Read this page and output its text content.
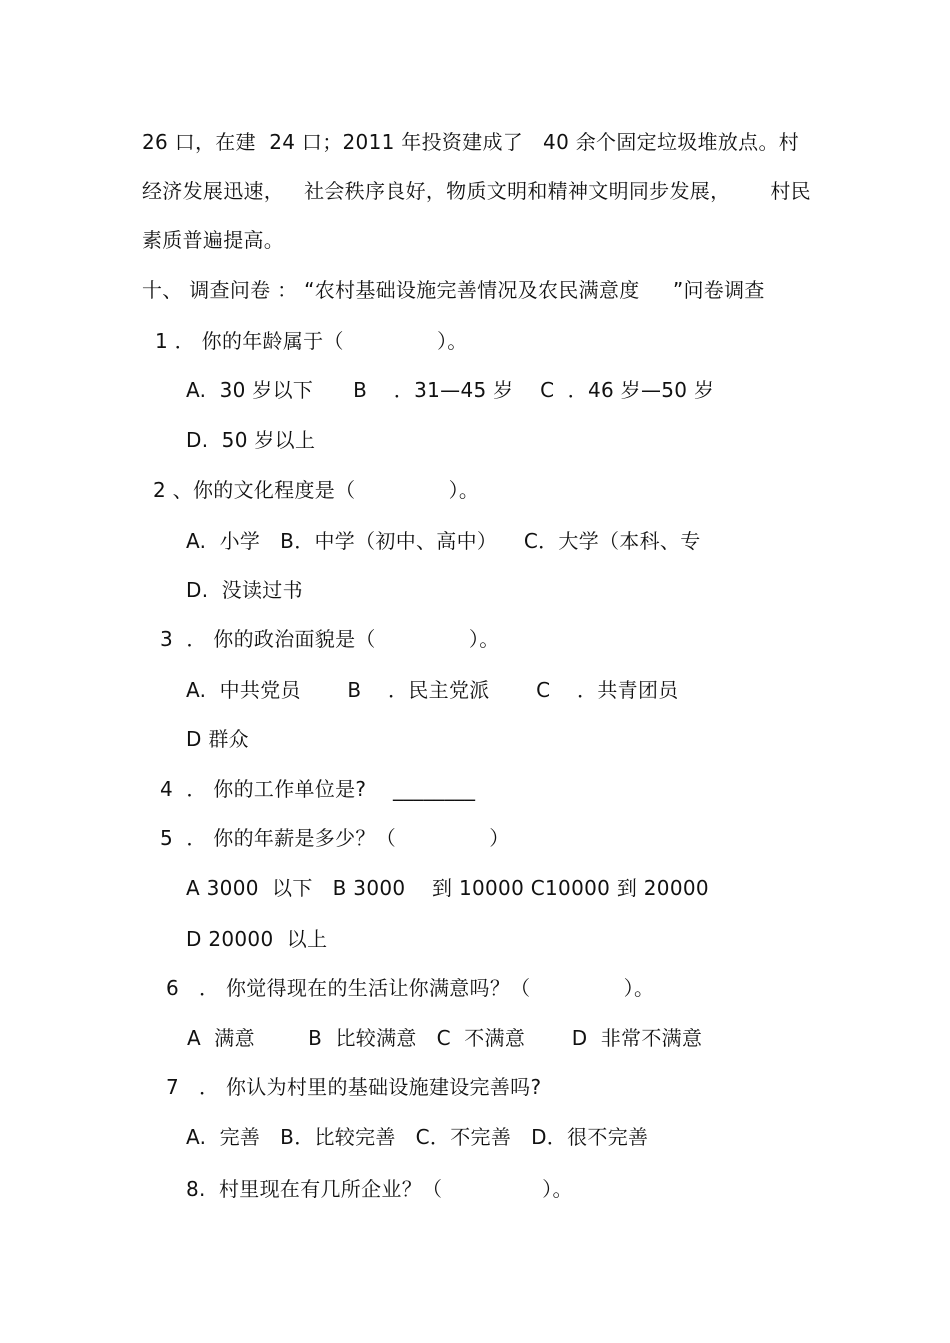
26 口，在建  24 口；2011 年投资建成了   40 余个固定垃圾堆放点。村
经济发展迅速，   社会秩序良好，物质文明和精神文明同步发展，      村民
素质普遍提高。
十、 调查问卷 ： “农村基础设施完善情况及农民满意度     ”问卷调查
1 ． 你的年龄属于（              ）。
A.  30 岁以下      B    ．31—45 岁    C  ．46 岁—50 岁
D.  50 岁以上
2 、你的文化程度是（              ）。
A.  小学   B．中学（初中、高中）    C．大学（本科、专
D.  没读过书
3  ． 你的政治面貌是（              ）。
A.  中共党员       B    ．民主党派       C    ．共青团员
D 群众
4  ． 你的工作单位是?    ________
5  ． 你的年薪是多少？（              ）
A 3000  以下   B 3000    到 10000 C10000 到 20000
D 20000  以上
6   ． 你觉得现在的生活让你满意吗？（              ）。
A  满意        B  比较满意   C  不满意       D  非常不满意
7   ． 你认为村里的基础设施建设完善吗?
A.  完善   B．比较完善   C．不完善   D．很不完善
8.  村里现在有几所企业？（               ）。
